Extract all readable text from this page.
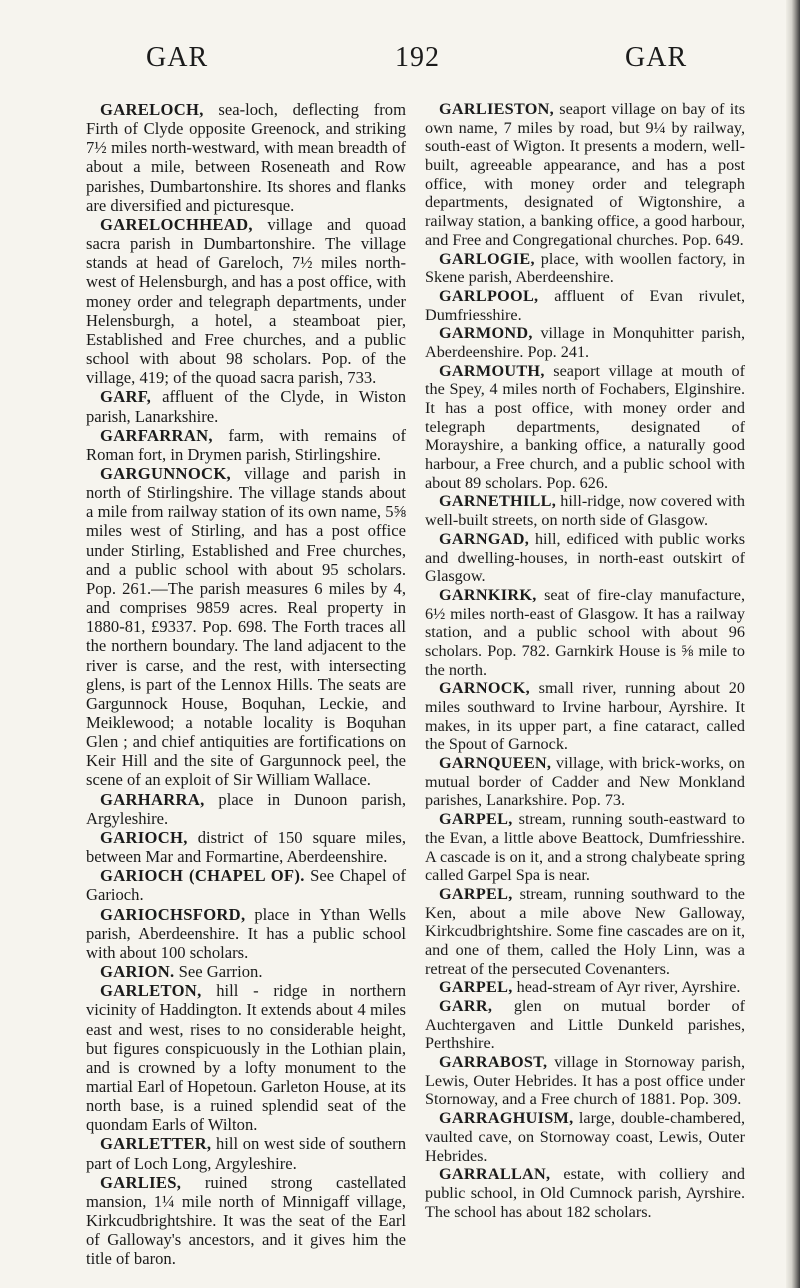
GAR	192	GAR

GARELOCH, sea-loch, deflecting from Firth of Clyde opposite Greenock, and striking 7½ miles north-westward, with mean breadth of about a mile, between Roseneath and Row parishes, Dumbartonshire. Its shores and flanks are diversified and picturesque.

GARELOCHHEAD, village and quoad sacra parish in Dumbartonshire. The village stands at head of Gareloch, 7½ miles north-west of Helensburgh, and has a post office, with money order and telegraph departments, under Helensburgh, a hotel, a steamboat pier, Established and Free churches, and a public school with about 98 scholars. Pop. of the village, 419; of the quoad sacra parish, 733.

GARF, affluent of the Clyde, in Wiston parish, Lanarkshire.

GARFARRAN, farm, with remains of Roman fort, in Drymen parish, Stirlingshire.

GARGUNNOCK, village and parish in north of Stirlingshire. The village stands about a mile from railway station of its own name, 5⅝ miles west of Stirling, and has a post office under Stirling, Established and Free churches, and a public school with about 95 scholars. Pop. 261.—The parish measures 6 miles by 4, and comprises 9859 acres. Real property in 1880-81, £9337. Pop. 698. The Forth traces all the northern boundary. The land adjacent to the river is carse, and the rest, with intersecting glens, is part of the Lennox Hills. The seats are Gargunnock House, Boquhan, Leckie, and Meiklewood; a notable locality is Boquhan Glen ; and chief antiquities are fortifications on Keir Hill and the site of Gargunnock peel, the scene of an exploit of Sir William Wallace.

GARHARRA, place in Dunoon parish, Argyleshire.

GARIOCH, district of 150 square miles, between Mar and Formartine, Aberdeenshire.

GARIOCH (CHAPEL OF). See Chapel of Garioch.

GARIOCHSFORD, place in Ythan Wells parish, Aberdeenshire. It has a public school with about 100 scholars.

GARION. See Garrion.

GARLETON, hill - ridge in northern vicinity of Haddington. It extends about 4 miles east and west, rises to no considerable height, but figures conspicuously in the Lothian plain, and is crowned by a lofty monument to the martial Earl of Hopetoun. Garleton House, at its north base, is a ruined splendid seat of the quondam Earls of Wilton.

GARLETTER, hill on west side of southern part of Loch Long, Argyleshire.

GARLIES, ruined strong castellated mansion, 1¼ mile north of Minnigaff village, Kirkcudbrightshire. It was the seat of the Earl of Galloway's ancestors, and it gives him the title of baron.

GARLIESTON, seaport village on bay of its own name, 7 miles by road, but 9¼ by railway, south-east of Wigton. It presents a modern, well-built, agreeable appearance, and has a post office, with money order and telegraph departments, designated of Wigtonshire, a railway station, a banking office, a good harbour, and Free and Congregational churches. Pop. 649.

GARLOGIE, place, with woollen factory, in Skene parish, Aberdeenshire.

GARLPOOL, affluent of Evan rivulet, Dumfriesshire.

GARMOND, village in Monquhitter parish, Aberdeenshire. Pop. 241.

GARMOUTH, seaport village at mouth of the Spey, 4 miles north of Fochabers, Elginshire. It has a post office, with money order and telegraph departments, designated of Morayshire, a banking office, a naturally good harbour, a Free church, and a public school with about 89 scholars. Pop. 626.

GARNETHILL, hill-ridge, now covered with well-built streets, on north side of Glasgow.

GARNGAD, hill, edificed with public works and dwelling-houses, in north-east outskirt of Glasgow.

GARNKIRK, seat of fire-clay manufacture, 6½ miles north-east of Glasgow. It has a railway station, and a public school with about 96 scholars. Pop. 782. Garnkirk House is ⅝ mile to the north.

GARNOCK, small river, running about 20 miles southward to Irvine harbour, Ayrshire. It makes, in its upper part, a fine cataract, called the Spout of Garnock.

GARNQUEEN, village, with brick-works, on mutual border of Cadder and New Monkland parishes, Lanarkshire. Pop. 73.

GARPEL, stream, running south-eastward to the Evan, a little above Beattock, Dumfriesshire. A cascade is on it, and a strong chalybeate spring called Garpel Spa is near.

GARPEL, stream, running southward to the Ken, about a mile above New Galloway, Kirkcudbrightshire. Some fine cascades are on it, and one of them, called the Holy Linn, was a retreat of the persecuted Covenanters.

GARPEL, head-stream of Ayr river, Ayrshire.

GARR, glen on mutual border of Auchtergaven and Little Dunkeld parishes, Perthshire.

GARRABOST, village in Stornoway parish, Lewis, Outer Hebrides. It has a post office under Stornoway, and a Free church of 1881. Pop. 309.

GARRAGHUISM, large, double-chambered, vaulted cave, on Stornoway coast, Lewis, Outer Hebrides.

GARRALLAN, estate, with colliery and public school, in Old Cumnock parish, Ayrshire. The school has about 182 scholars.
